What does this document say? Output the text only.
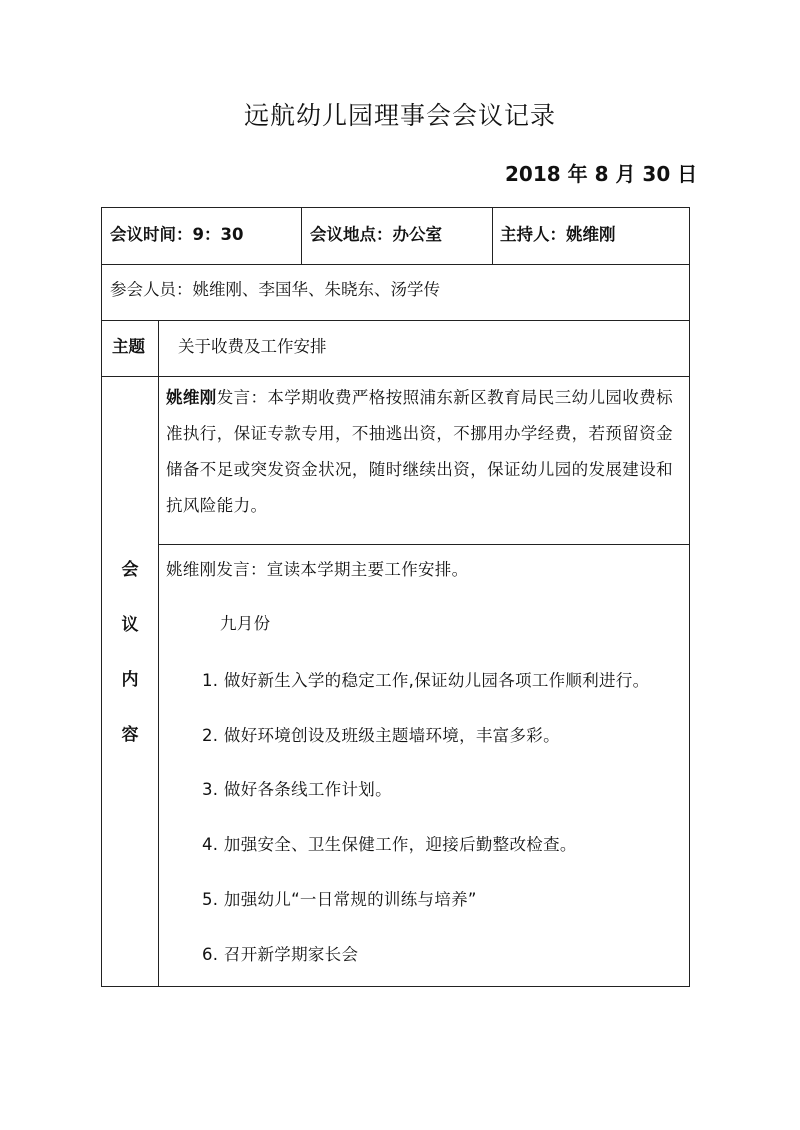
远航幼儿园理事会会议记录
2018 年 8 月 30 日
会议时间：9：30	会议地点：办公室	主持人：姚维刚
参会人员：姚维刚、李国华、朱晓东、汤学传
主题 关于收费及工作安排
会
议
内
容
姚维刚发言：本学期收费严格按照浦东新区教育局民三幼儿园收费标准执行，保证专款专用，不抽逃出资，不挪用办学经费，若预留资金储备不足或突发资金状况，随时继续出资，保证幼儿园的发展建设和抗风险能力。
姚维刚发言：宣读本学期主要工作安排。
九月份
1. 做好新生入学的稳定工作,保证幼儿园各项工作顺利进行。
2. 做好环境创设及班级主题墙环境，丰富多彩。
3. 做好各条线工作计划。
4. 加强安全、卫生保健工作，迎接后勤整改检查。
5. 加强幼儿“一日常规的训练与培养”
6. 召开新学期家长会
